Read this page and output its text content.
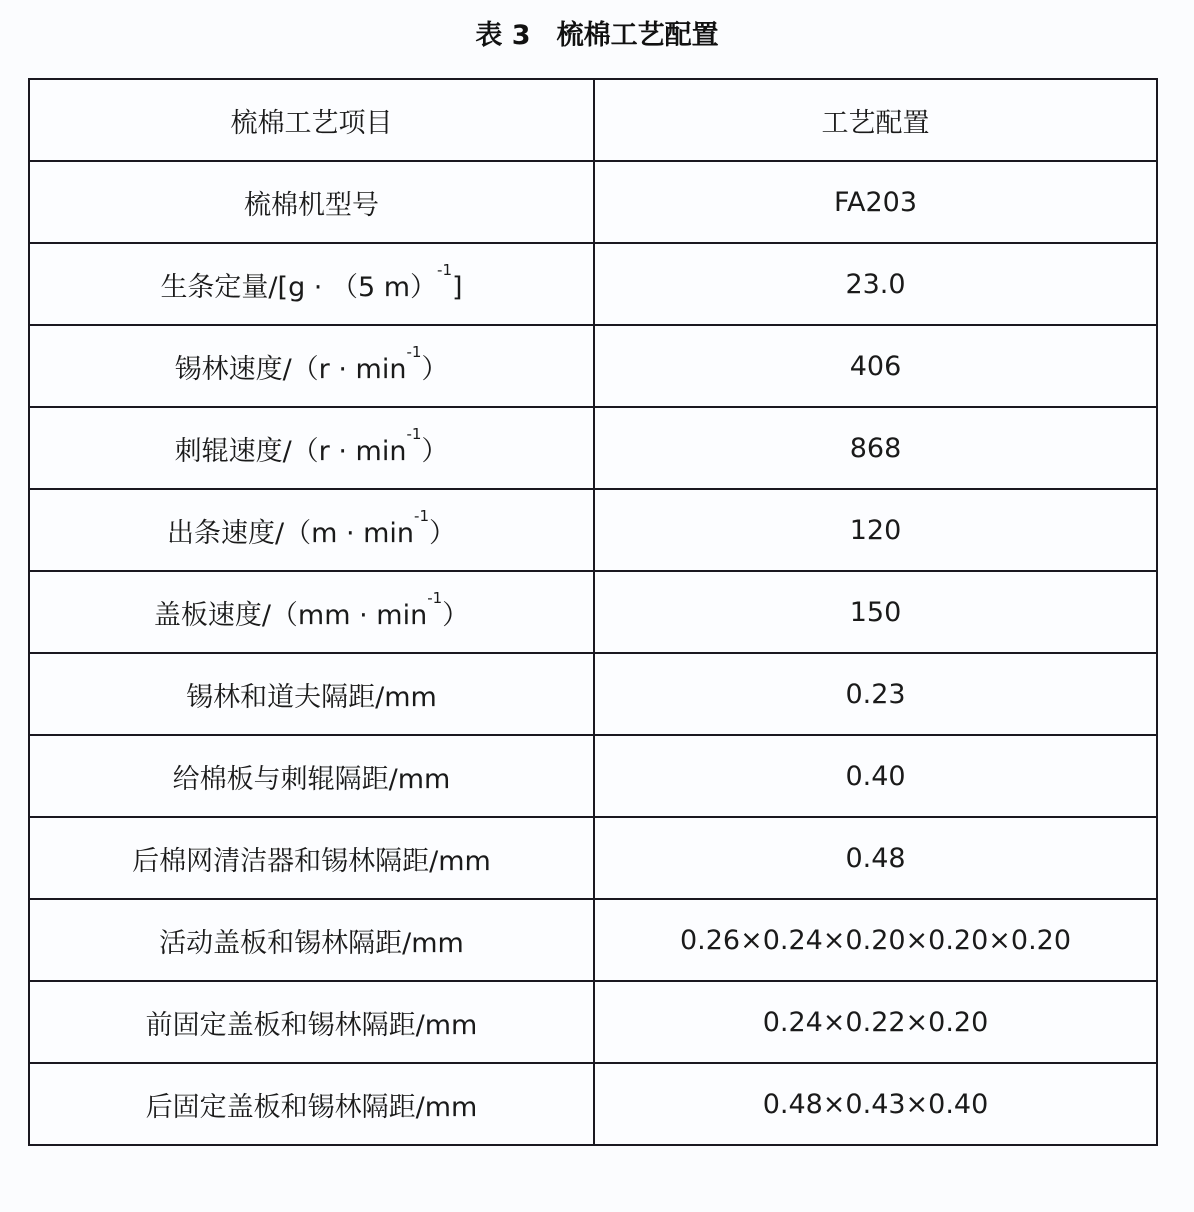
表 3 梳棉工艺配置
梳棉工艺项目	工艺配置
梳棉机型号	FA203
生条定量/[g · （5 m）$^{-1}$]	23.0
锡林速度$/(r \cdot \min^{-1})$	406
刺辊速度$/(r \cdot \min^{-1})$	868
出条速度$/(m \cdot \min^{-1})$	120
盖板速度$/(mm \cdot \min^{-1})$	150
锡林和道夫隔距/mm	0.23
给棉板与刺辊隔距/mm	0.40
后棉网清洁器和锡林隔距/mm	0.48
活动盖板和锡林隔距/mm	0.26×0.24×0.20×0.20×0.20
前固定盖板和锡林隔距/mm	0.24×0.22×0.20
后固定盖板和锡林隔距/mm	0.48×0.43×0.40
